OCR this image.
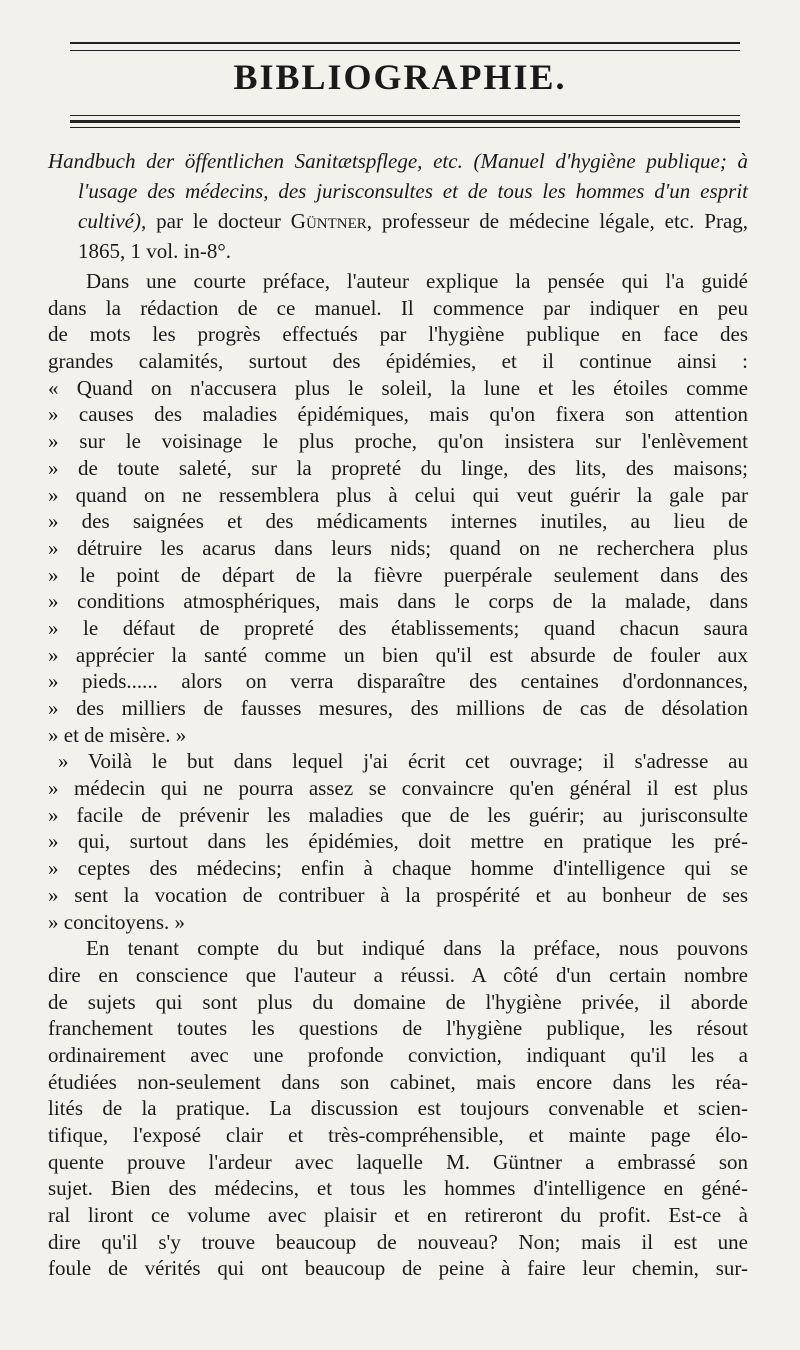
BIBLIOGRAPHIE.
Handbuch der öffentlichen Sanitætspflege, etc. (Manuel d'hygiène publique; à l'usage des médecins, des jurisconsultes et de tous les hommes d'un esprit cultivé), par le docteur Güntner, professeur de médecine légale, etc. Prag, 1865, 1 vol. in-8°.
Dans une courte préface, l'auteur explique la pensée qui l'a guidé
dans la rédaction de ce manuel. Il commence par indiquer en peu
de mots les progrès effectués par l'hygiène publique en face des
grandes calamités, surtout des épidémies, et il continue ainsi :
« Quand on n'accusera plus le soleil, la lune et les étoiles comme
» causes des maladies épidémiques, mais qu'on fixera son attention
» sur le voisinage le plus proche, qu'on insistera sur l'enlèvement
» de toute saleté, sur la propreté du linge, des lits, des maisons;
» quand on ne ressemblera plus à celui qui veut guérir la gale par
» des saignées et des médicaments internes inutiles, au lieu de
» détruire les acarus dans leurs nids; quand on ne recherchera plus
» le point de départ de la fièvre puerpérale seulement dans des
» conditions atmosphériques, mais dans le corps de la malade, dans
» le défaut de propreté des établissements; quand chacun saura
» apprécier la santé comme un bien qu'il est absurde de fouler aux
» pieds...... alors on verra disparaître des centaines d'ordonnances,
» des milliers de fausses mesures, des millions de cas de désolation
» et de misère. »
» Voilà le but dans lequel j'ai écrit cet ouvrage; il s'adresse au
» médecin qui ne pourra assez se convaincre qu'en général il est plus
» facile de prévenir les maladies que de les guérir; au jurisconsulte
» qui, surtout dans les épidémies, doit mettre en pratique les pré-
» ceptes des médecins; enfin à chaque homme d'intelligence qui se
» sent la vocation de contribuer à la prospérité et au bonheur de ses
» concitoyens. »
En tenant compte du but indiqué dans la préface, nous pouvons
dire en conscience que l'auteur a réussi. A côté d'un certain nombre
de sujets qui sont plus du domaine de l'hygiène privée, il aborde
franchement toutes les questions de l'hygiène publique, les résout
ordinairement avec une profonde conviction, indiquant qu'il les a
étudiées non-seulement dans son cabinet, mais encore dans les réa-
lités de la pratique. La discussion est toujours convenable et scien-
tifique, l'exposé clair et très-compréhensible, et mainte page élo-
quente prouve l'ardeur avec laquelle M. Güntner a embrassé son
sujet. Bien des médecins, et tous les hommes d'intelligence en géné-
ral liront ce volume avec plaisir et en retireront du profit. Est-ce à
dire qu'il s'y trouve beaucoup de nouveau? Non; mais il est une
foule de vérités qui ont beaucoup de peine à faire leur chemin, sur-
